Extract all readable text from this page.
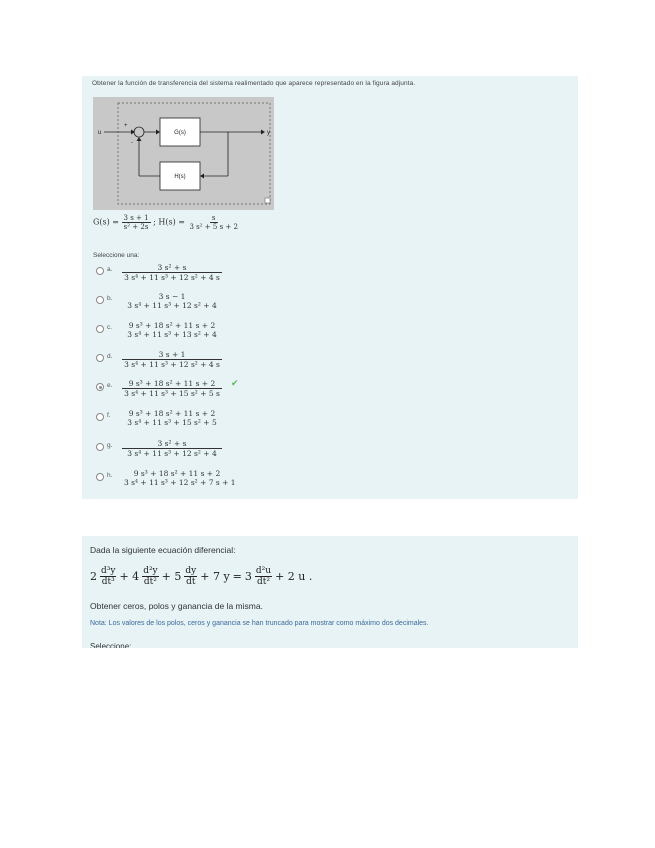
Obtener la función de transferencia del sistema realimentado que aparece representado en la figura adjunta.
u
+
-
G(s)	y
H(s)
$G(s) = \frac{3 s + 1}{\text{s² + 2s}}$ ; $H(s) = \frac{s}{\text{3 s² + 5 s + 2}}$
Seleccione una:
a. $\frac{\text{3 s² + s}}{\text{3 s⁴ + 11 s³ + 12 s² + 4 s}}$
b.	3 s − 1
3 s⁴ + 11 s³ + 12 s² + 4
c.	9 s³ + 18 s² + 11 s + 2
3 s⁴ + 11 s³ + 13 s² + 4
d. $\frac{3 s + 1}{\text{3 s⁴ + 11 s³ + 12 s² + 4 s}}$
e. $\frac{\text{9 s³ + 18 s² + 11 s + 2}}{\text{3 s⁴ + 11 s³ + 15 s² + 5 s}}$ ✔
f.	9 s³ + 18 s² + 11 s + 2
3 s⁴ + 11 s³ + 15 s² + 5
g. $\frac{\text{3 s² + s}}{\text{3 s⁴ + 11 s³ + 12 s² + 4}}$
h.	9 s³ + 18 s² + 11 s + 2
3 s⁴ + 11 s³ + 12 s² + 7 s + 1
Dada la siguiente ecuación diferencial:
$2 \frac{\text{d³y}}{\text{dt³}} + 4 \frac{\text{d²y}}{\text{dt²}} + 5 \frac{dy}{dt} + 7$ $y = 3 \frac{\text{d²u}}{\text{dt²}} + 2$ u .
Obtener ceros, polos y ganancia de la misma.
Nota: Los valores de los polos, ceros y ganancia se han truncado para mostrar como máximo dos decimales.
Seleccione:
